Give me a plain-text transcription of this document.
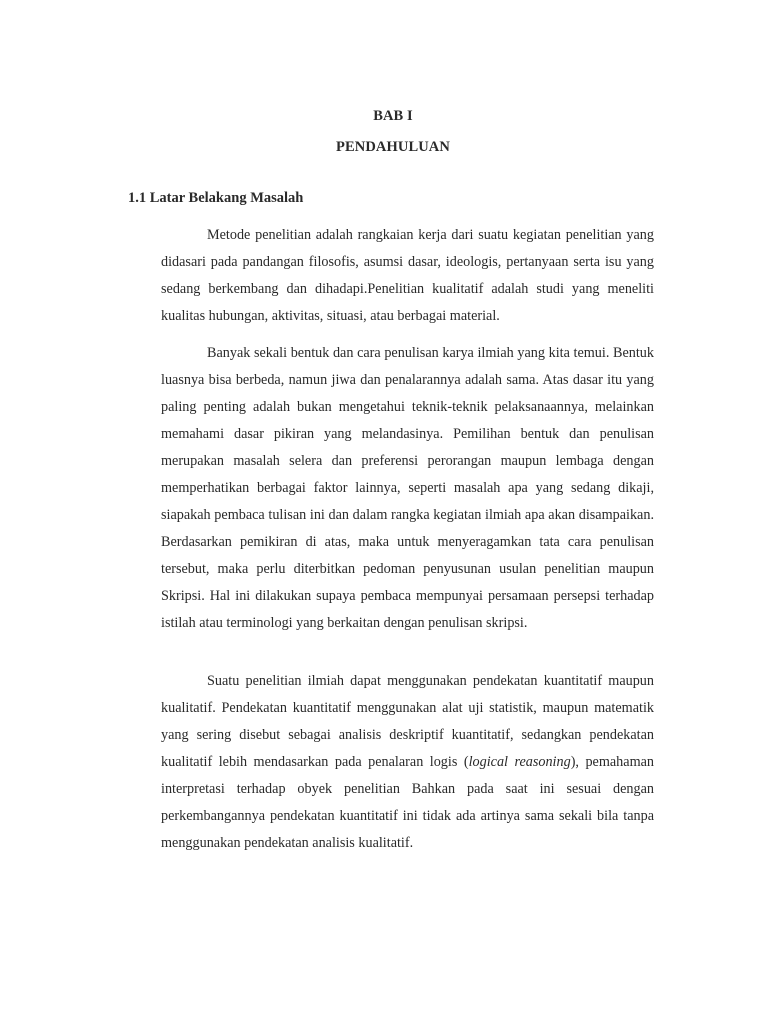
BAB I
PENDAHULUAN
1.1 Latar Belakang Masalah

Metode penelitian adalah rangkaian kerja dari suatu kegiatan penelitian yang didasari pada pandangan filosofis, asumsi dasar, ideologis, pertanyaan serta isu yang sedang berkembang dan dihadapi.Penelitian kualitatif adalah studi yang meneliti kualitas hubungan, aktivitas, situasi, atau berbagai material.

Banyak sekali bentuk dan cara penulisan karya ilmiah yang kita temui. Bentuk luasnya bisa berbeda, namun jiwa dan penalarannya adalah sama. Atas dasar itu yang paling penting adalah bukan mengetahui teknik-teknik pelaksanaannya, melainkan memahami dasar pikiran yang melandasinya. Pemilihan bentuk dan penulisan merupakan masalah selera dan preferensi perorangan maupun lembaga dengan memperhatikan berbagai faktor lainnya, seperti masalah apa yang sedang dikaji, siapakah pembaca tulisan ini dan dalam rangka kegiatan ilmiah apa akan disampaikan. Berdasarkan pemikiran di atas, maka untuk menyeragamkan tata cara penulisan tersebut, maka perlu diterbitkan pedoman penyusunan usulan penelitian maupun Skripsi. Hal ini dilakukan supaya pembaca mempunyai persamaan persepsi terhadap istilah atau terminologi yang berkaitan dengan penulisan skripsi.

Suatu penelitian ilmiah dapat menggunakan pendekatan kuantitatif maupun kualitatif. Pendekatan kuantitatif menggunakan alat uji statistik, maupun matematik yang sering disebut sebagai analisis deskriptif kuantitatif, sedangkan pendekatan kualitatif lebih mendasarkan pada penalaran logis (logical reasoning), pemahaman interpretasi terhadap obyek penelitian Bahkan pada saat ini sesuai dengan perkembangannya pendekatan kuantitatif ini tidak ada artinya sama sekali bila tanpa menggunakan pendekatan analisis kualitatif.
